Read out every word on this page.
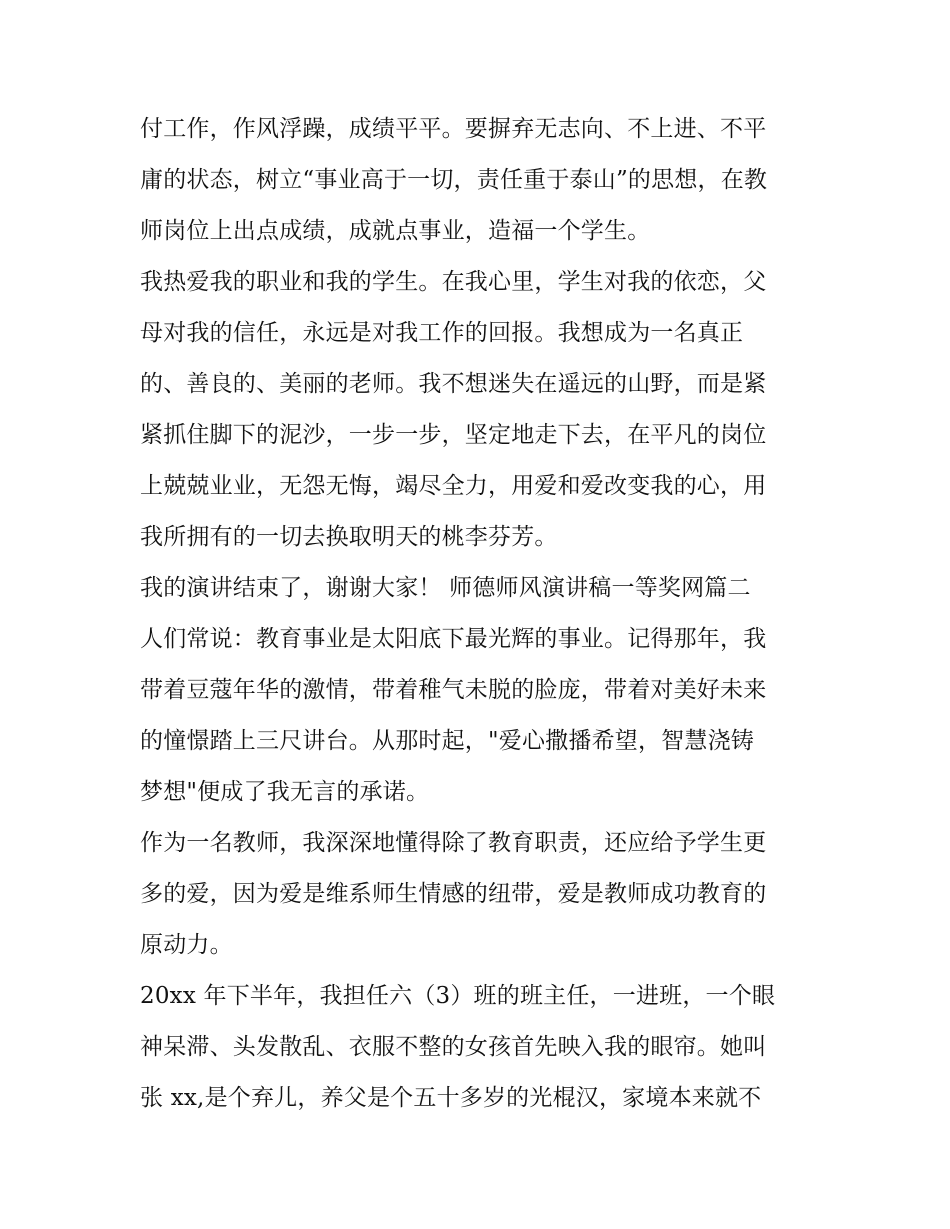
付工作，作风浮躁，成绩平平。要摒弃无志向、不上进、不平
庸的状态，树立“事业高于一切，责任重于泰山”的思想，在教
师岗位上出点成绩，成就点事业，造福一个学生。
我热爱我的职业和我的学生。在我心里，学生对我的依恋，父
母对我的信任，永远是对我工作的回报。我想成为一名真正
的、善良的、美丽的老师。我不想迷失在遥远的山野，而是紧
紧抓住脚下的泥沙，一步一步，坚定地走下去，在平凡的岗位
上兢兢业业，无怨无悔，竭尽全力，用爱和爱改变我的心，用
我所拥有的一切去换取明天的桃李芬芳。
我的演讲结束了，谢谢大家！ 师德师风演讲稿一等奖网篇二
人们常说：教育事业是太阳底下最光辉的事业。记得那年，我
带着豆蔻年华的激情，带着稚气未脱的脸庞，带着对美好未来
的憧憬踏上三尺讲台。从那时起，"爱心撒播希望，智慧浇铸
梦想"便成了我无言的承诺。
作为一名教师，我深深地懂得除了教育职责，还应给予学生更
多的爱，因为爱是维系师生情感的纽带，爱是教师成功教育的
原动力。
20xx 年下半年，我担任六（3）班的班主任，一进班，一个眼
神呆滞、头发散乱、衣服不整的女孩首先映入我的眼帘。她叫
张 xx,是个弃儿，养父是个五十多岁的光棍汉，家境本来就不
